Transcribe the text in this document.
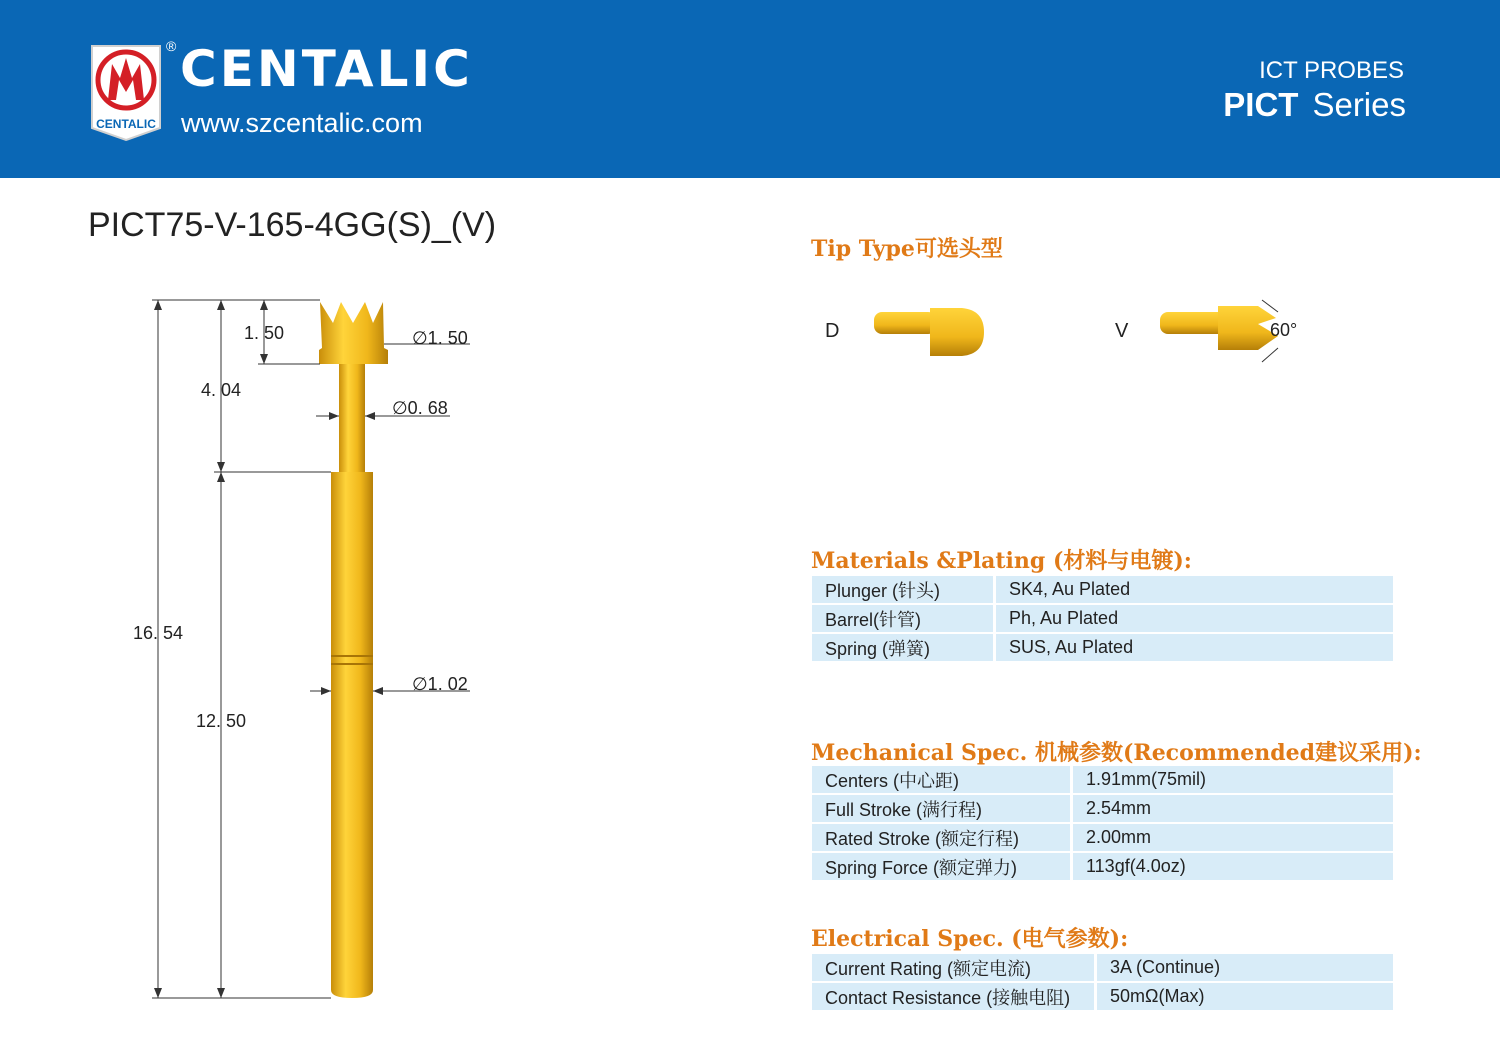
CENTALIC
® CENTALIC
www.szcentalic.com
ICT PROBES
PICT Series
PICT75-V-165-4GG(S)_(V)
1. 50	∅1. 50
4. 04
∅0. 68
16. 54
∅1. 02
12. 50
Tip Type可选头型
D	V	60°
Materials &Plating (材料与电镀):
Plunger (针头)	SK4, Au Plated
Barrel(针管)	Ph, Au Plated
Spring (弹簧)	SUS, Au Plated
Mechanical Spec. 机械参数(Recommended建议采用):
Centers (中心距)	1.91mm(75mil)
Full Stroke (满行程)	2.54mm
Rated Stroke (额定行程)	2.00mm
Spring Force (额定弹力)	113gf(4.0oz)
Electrical Spec. (电气参数):
Current Rating (额定电流)	3A (Continue)
Contact Resistance (接触电阻)	50mΩ(Max)
